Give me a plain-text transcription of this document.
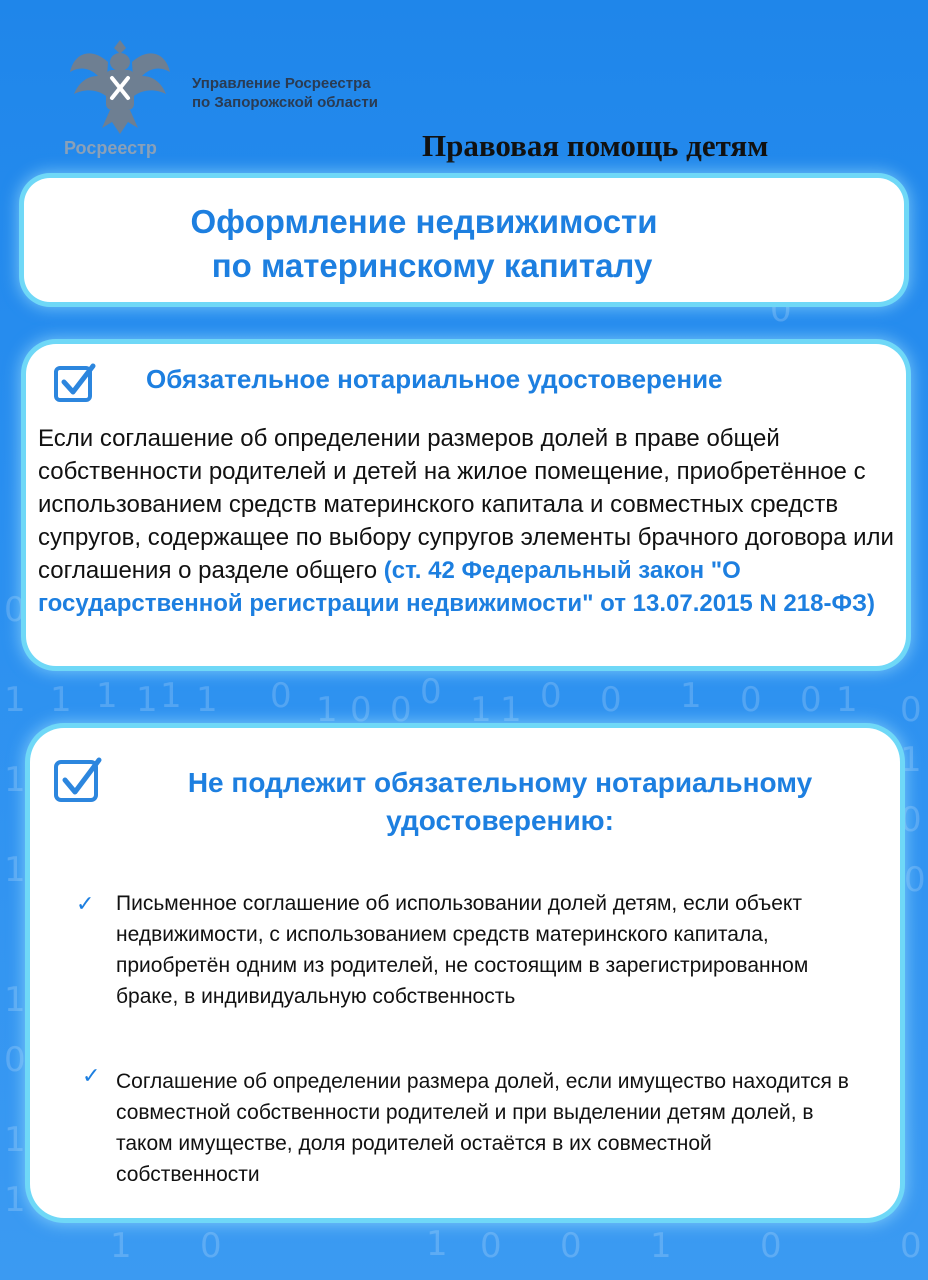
0
0
1 1 1 1 1 1 0 1 0 0 0 1 1 0 0 1 0 0 1 0
1
0
0
1
1
1
0
1
1
1 0	1 0 0 1	0	0
Росреестр
Управление Росреестра
по Запорожской области
Правовая помощь детям
Оформление недвижимости
по материнскому капиталу
Обязательное нотариальное удостоверение
Если соглашение об определении размеров долей в праве общей собственности родителей и детей на жилое помещение, приобретённое с использованием средств материнского капитала и совместных средств супругов, содержащее по выбору супругов элементы брачного договора или соглашения о разделе общего (ст. 42 Федеральный закон "О государственной регистрации недвижимости" от 13.07.2015 N 218-ФЗ)
Не подлежит обязательному нотариальному
удостоверению:
✓ Письменное соглашение об использовании долей детям, если объект недвижимости, с использованием средств материнского капитала, приобретён одним из родителей, не состоящим в зарегистрированном браке, в индивидуальную собственность
✓ Соглашение об определении размера долей, если имущество находится в совместной собственности родителей и при выделении детям долей, в таком имуществе, доля родителей остаётся в их совместной собственности
